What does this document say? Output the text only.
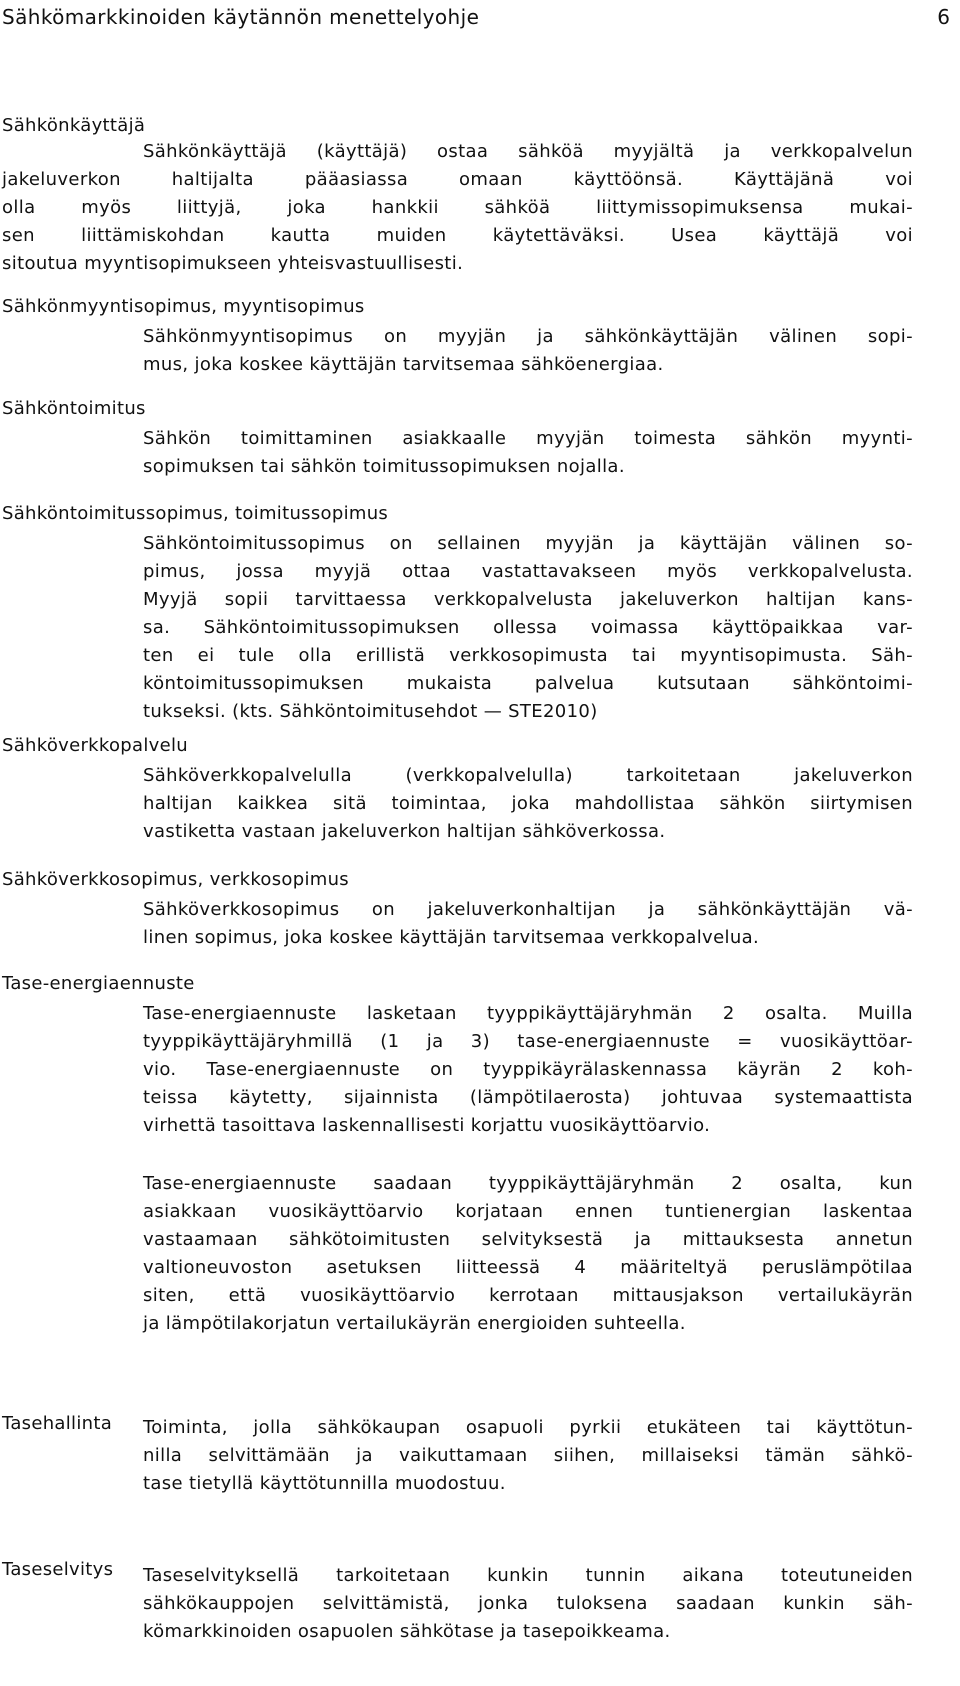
Sähkömarkkinoiden käytännön menettelyohje	6
Sähkönkäyttäjä
Sähkönkäyttäjä (käyttäjä) ostaa sähköä myyjältä ja verkkopalvelun
jakeluverkon haltijalta pääasiassa omaan käyttöönsä. Käyttäjänä voi
olla myös liittyjä, joka hankkii sähköä liittymissopimuksensa mukai-
sen liittämiskohdan kautta muiden käytettäväksi. Usea käyttäjä voi
sitoutua myyntisopimukseen yhteisvastuullisesti.
Sähkönmyyntisopimus, myyntisopimus
Sähkönmyyntisopimus on myyjän ja sähkönkäyttäjän välinen sopi-
mus, joka koskee käyttäjän tarvitsemaa sähköenergiaa.
Sähköntoimitus
Sähkön toimittaminen asiakkaalle myyjän toimesta sähkön myynti-
sopimuksen tai sähkön toimitussopimuksen nojalla.
Sähköntoimitussopimus, toimitussopimus
Sähköntoimitussopimus on sellainen myyjän ja käyttäjän välinen so-
pimus, jossa myyjä ottaa vastattavakseen myös verkkopalvelusta.
Myyjä sopii tarvittaessa verkkopalvelusta jakeluverkon haltijan kans-
sa. Sähköntoimitussopimuksen ollessa voimassa käyttöpaikkaa var-
ten ei tule olla erillistä verkkosopimusta tai myyntisopimusta. Säh-
köntoimitussopimuksen mukaista palvelua kutsutaan sähköntoimi-
tukseksi. (kts. Sähköntoimitusehdot — STE2010)
Sähköverkkopalvelu
Sähköverkkopalvelulla (verkkopalvelulla) tarkoitetaan jakeluverkon
haltijan kaikkea sitä toimintaa, joka mahdollistaa sähkön siirtymisen
vastiketta vastaan jakeluverkon haltijan sähköverkossa.
Sähköverkkosopimus, verkkosopimus
Sähköverkkosopimus on jakeluverkonhaltijan ja sähkönkäyttäjän vä-
linen sopimus, joka koskee käyttäjän tarvitsemaa verkkopalvelua.
Tase-energiaennuste
Tase-energiaennuste lasketaan tyyppikäyttäjäryhmän 2 osalta. Muilla
tyyppikäyttäjäryhmillä (1 ja 3) tase-energiaennuste = vuosikäyttöar-
vio. Tase-energiaennuste on tyyppikäyrälaskennassa käyrän 2 koh-
teissa käytetty, sijainnista (lämpötilaerosta) johtuvaa systemaattista
virhettä tasoittava laskennallisesti korjattu vuosikäyttöarvio.
Tase-energiaennuste saadaan tyyppikäyttäjäryhmän 2 osalta, kun
asiakkaan vuosikäyttöarvio korjataan ennen tuntienergian laskentaa
vastaamaan sähkötoimitusten selvityksestä ja mittauksesta annetun
valtioneuvoston asetuksen liitteessä 4 määriteltyä peruslämpötilaa
siten, että vuosikäyttöarvio kerrotaan mittausjakson vertailukäyrän
ja lämpötilakorjatun vertailukäyrän energioiden suhteella.
Tasehallinta Toiminta, jolla sähkökaupan osapuoli pyrkii etukäteen tai käyttötun-
nilla selvittämään ja vaikuttamaan siihen, millaiseksi tämän sähkö-
tase tietyllä käyttötunnilla muodostuu.
Taseselvitys Taseselvityksellä tarkoitetaan kunkin tunnin aikana toteutuneiden
sähkökauppojen selvittämistä, jonka tuloksena saadaan kunkin säh-
kömarkkinoiden osapuolen sähkötase ja tasepoikkeama.
